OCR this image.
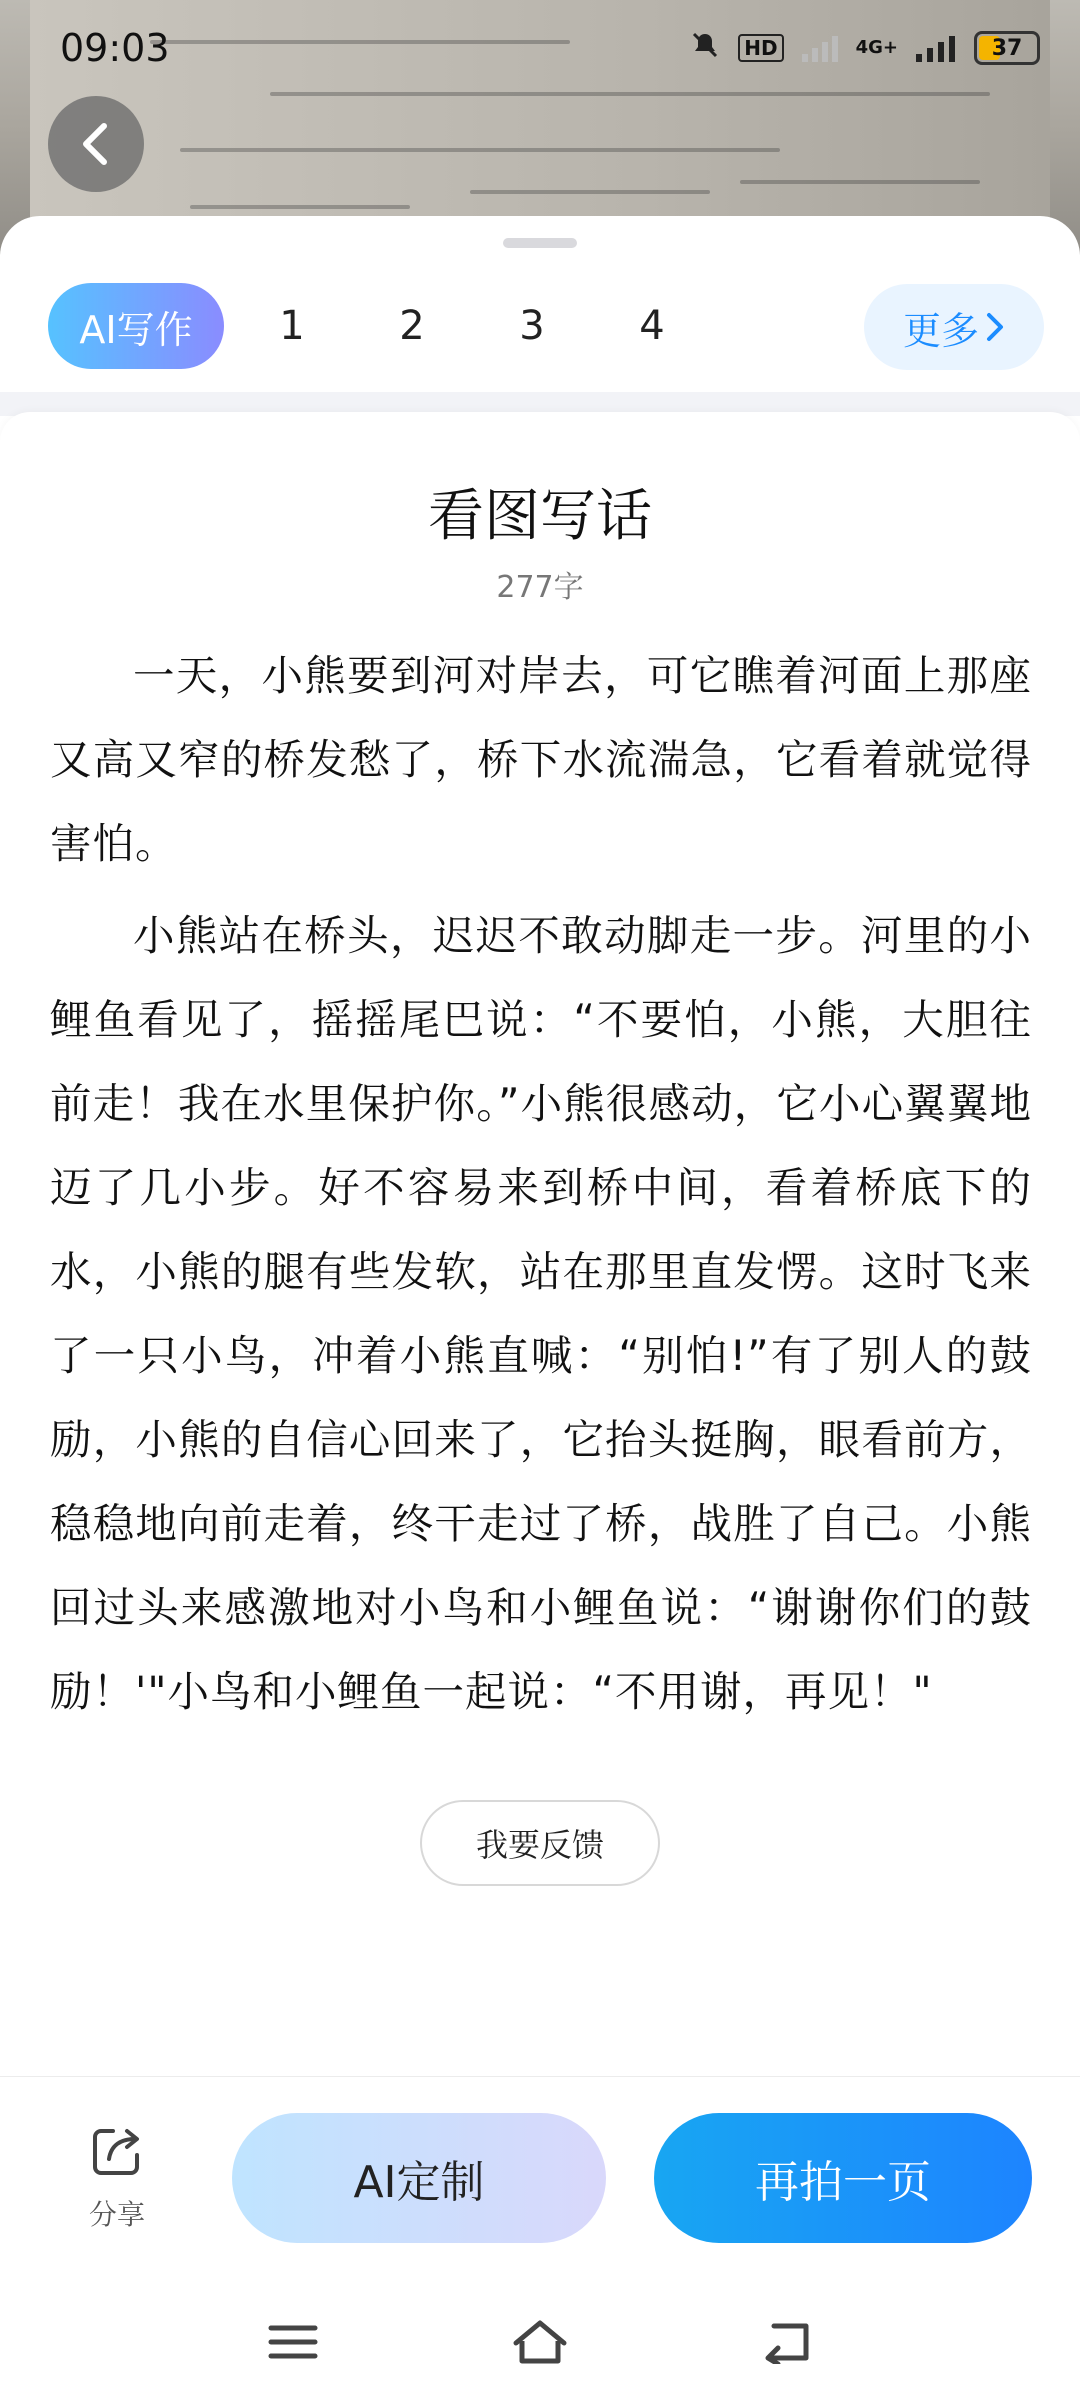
09:03	HD	4G+	37
AI写作	1	2	3	4	更多
看图写话
277字

一天，小熊要到河对岸去，可它瞧着河面上那座又高又窄的桥发愁了，桥下水流湍急，它看着就觉得害怕。

小熊站在桥头，迟迟不敢动脚走一步。河里的小鲤鱼看见了，摇摇尾巴说：“不要怕，小熊，大胆往前走！我在水里保护你。”小熊很感动，它小心翼翼地迈了几小步。好不容易来到桥中间，看着桥底下的水，小熊的腿有些发软，站在那里直发愣。这时飞来了一只小鸟，冲着小熊直喊：“别怕!”有了别人的鼓励，小熊的自信心回来了，它抬头挺胸，眼看前方， 稳稳地向前走着，终干走过了桥，战胜了自己。小熊回过头来感激地对小鸟和小鲤鱼说：“谢谢你们的鼓励！'"小鸟和小鲤鱼一起说：“不用谢，再见！"

我要反馈
分享
AI定制	再拍一页
